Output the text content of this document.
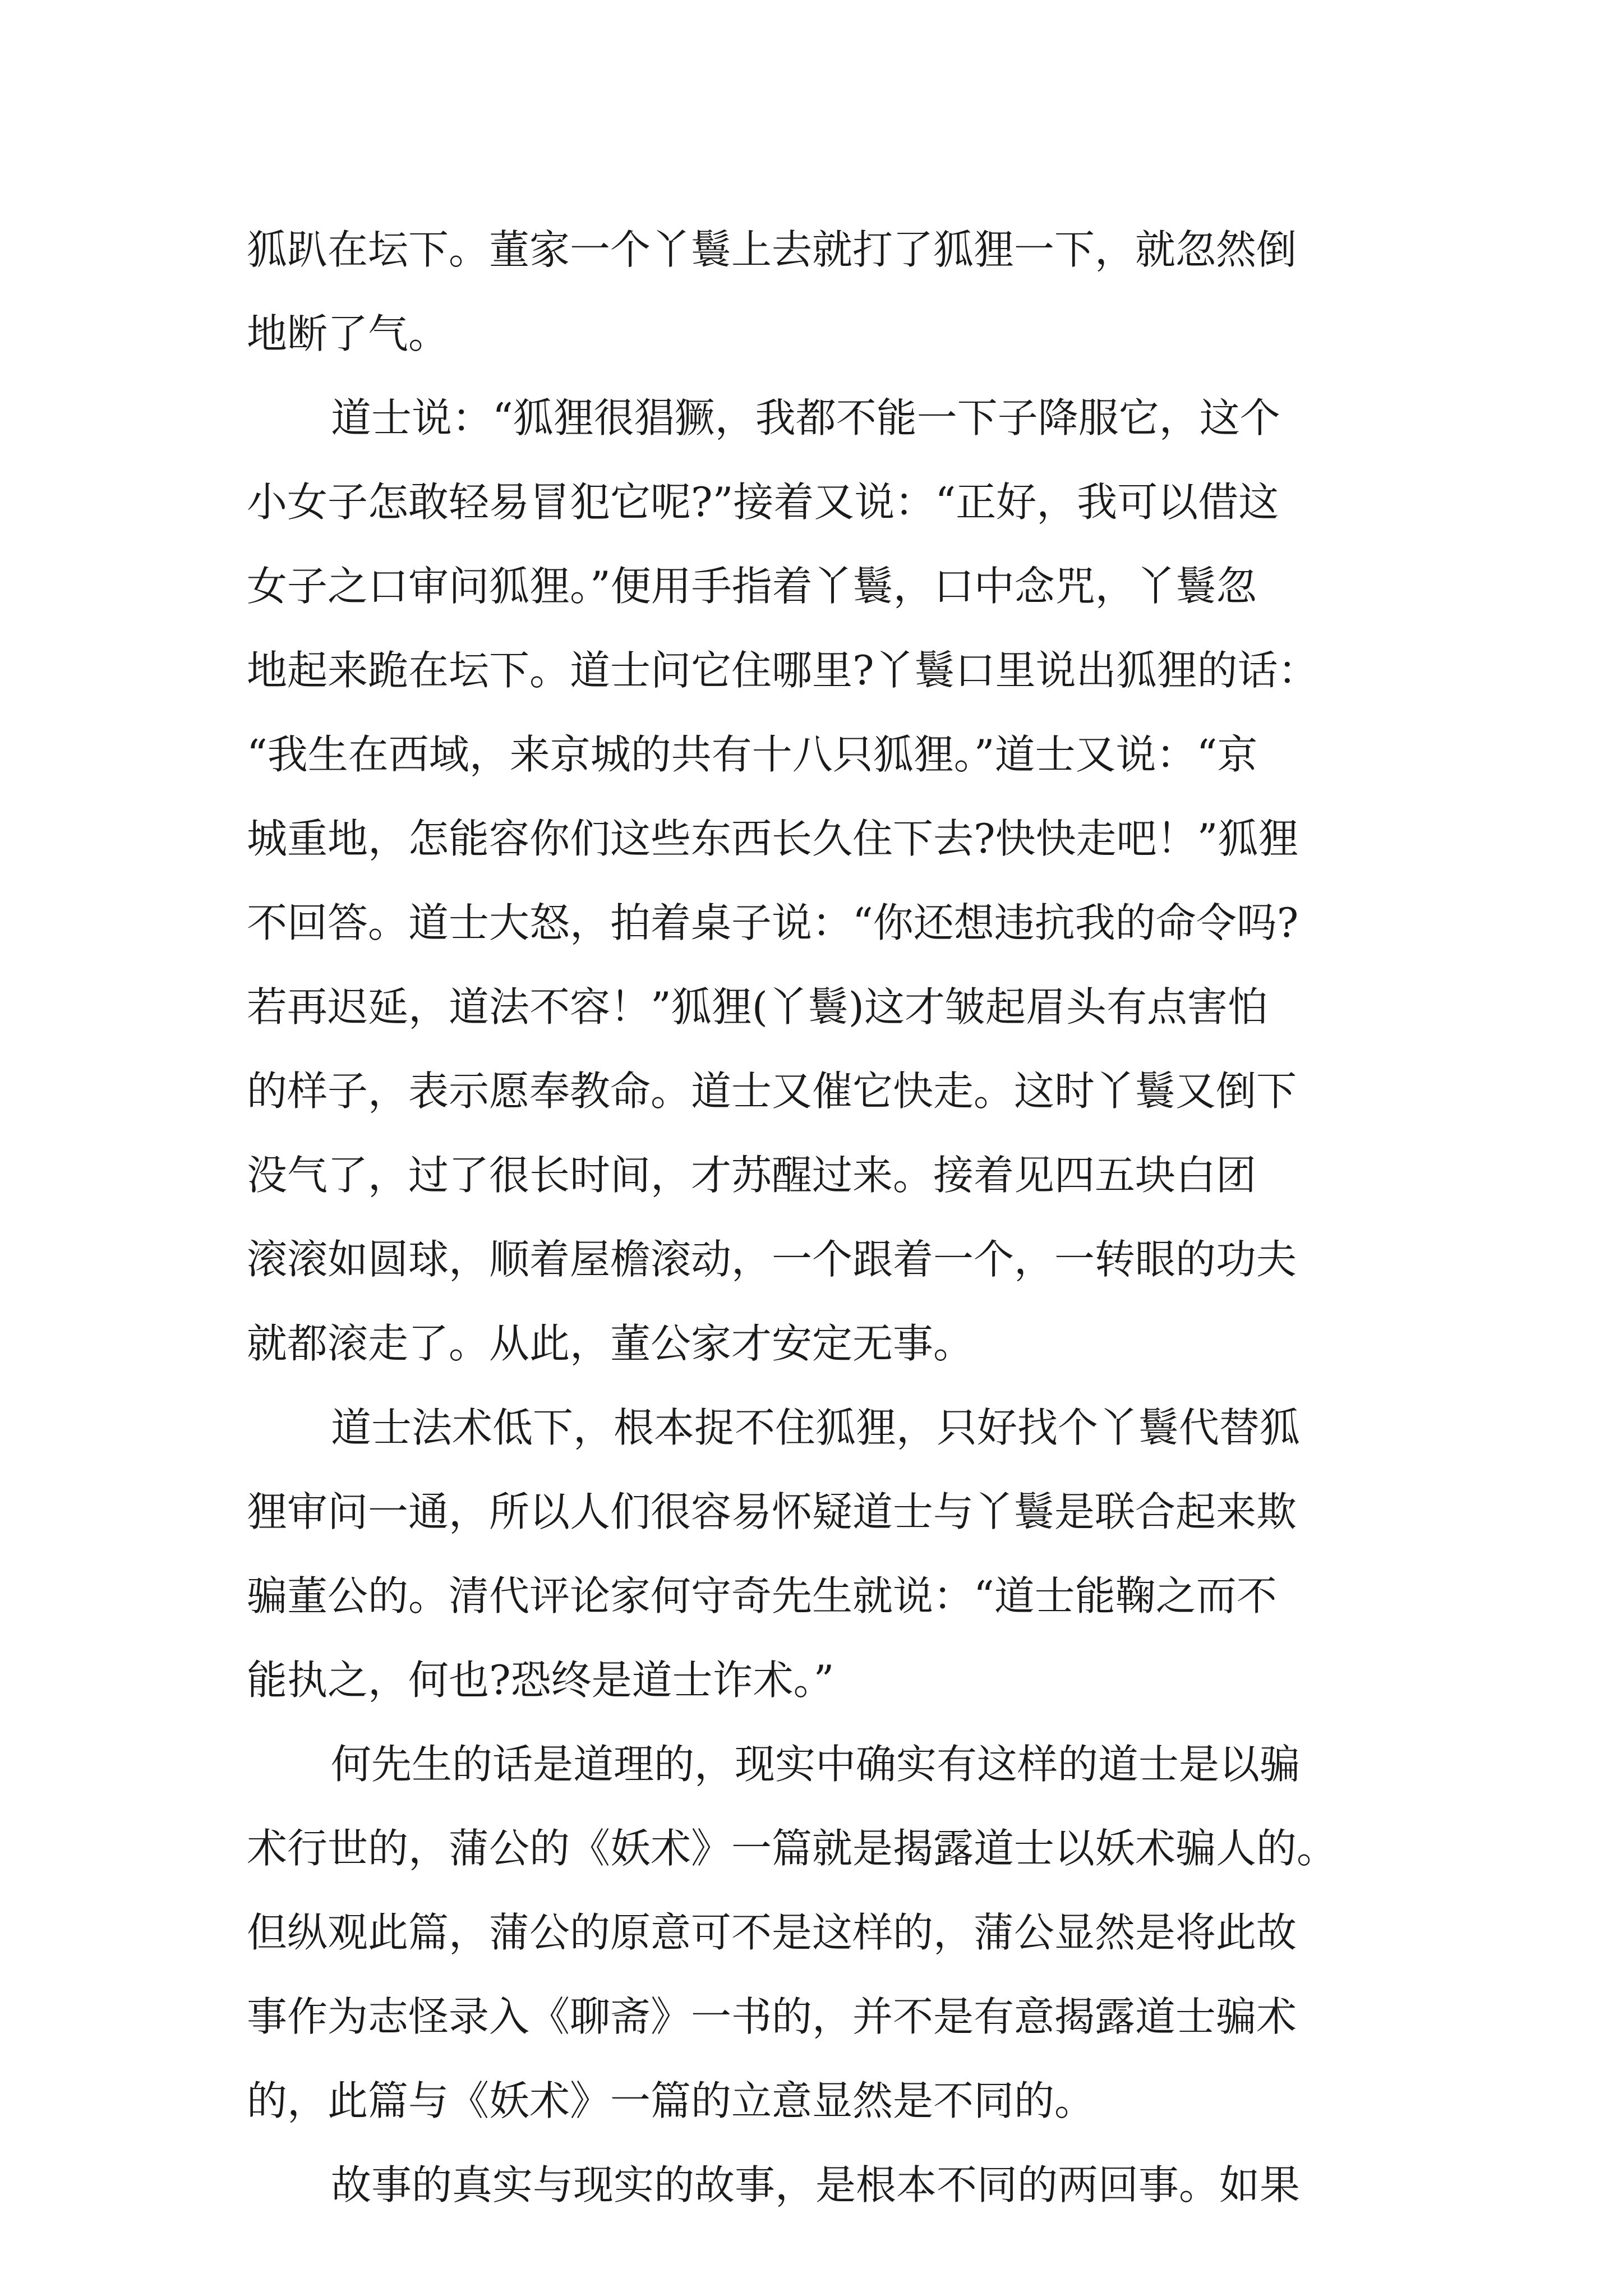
狐趴在坛下。董家一个丫鬟上去就打了狐狸一下，就忽然倒
地断了气。
道士说：“狐狸很猖獗，我都不能一下子降服它，这个
小女子怎敢轻易冒犯它呢?”接着又说：“正好，我可以借这
女子之口审问狐狸。”便用手指着丫鬟，口中念咒，丫鬟忽
地起来跪在坛下。道士问它住哪里?丫鬟口里说出狐狸的话：
“我生在西域，来京城的共有十八只狐狸。”道士又说：“京
城重地，怎能容你们这些东西长久住下去?快快走吧！”狐狸
不回答。道士大怒，拍着桌子说：“你还想违抗我的命令吗?
若再迟延，道法不容！”狐狸(丫鬟)这才皱起眉头有点害怕
的样子，表示愿奉教命。道士又催它快走。这时丫鬟又倒下
没气了，过了很长时间，才苏醒过来。接着见四五块白团
滚滚如圆球，顺着屋檐滚动，一个跟着一个，一转眼的功夫
就都滚走了。从此，董公家才安定无事。
道士法术低下，根本捉不住狐狸，只好找个丫鬟代替狐
狸审问一通，所以人们很容易怀疑道士与丫鬟是联合起来欺
骗董公的。清代评论家何守奇先生就说：“道士能鞠之而不
能执之，何也?恐终是道士诈术。”
何先生的话是道理的，现实中确实有这样的道士是以骗
术行世的，蒲公的《妖术》一篇就是揭露道士以妖术骗人的。
但纵观此篇，蒲公的原意可不是这样的，蒲公显然是将此故
事作为志怪录入《聊斋》一书的，并不是有意揭露道士骗术
的，此篇与《妖术》一篇的立意显然是不同的。
故事的真实与现实的故事，是根本不同的两回事。如果
